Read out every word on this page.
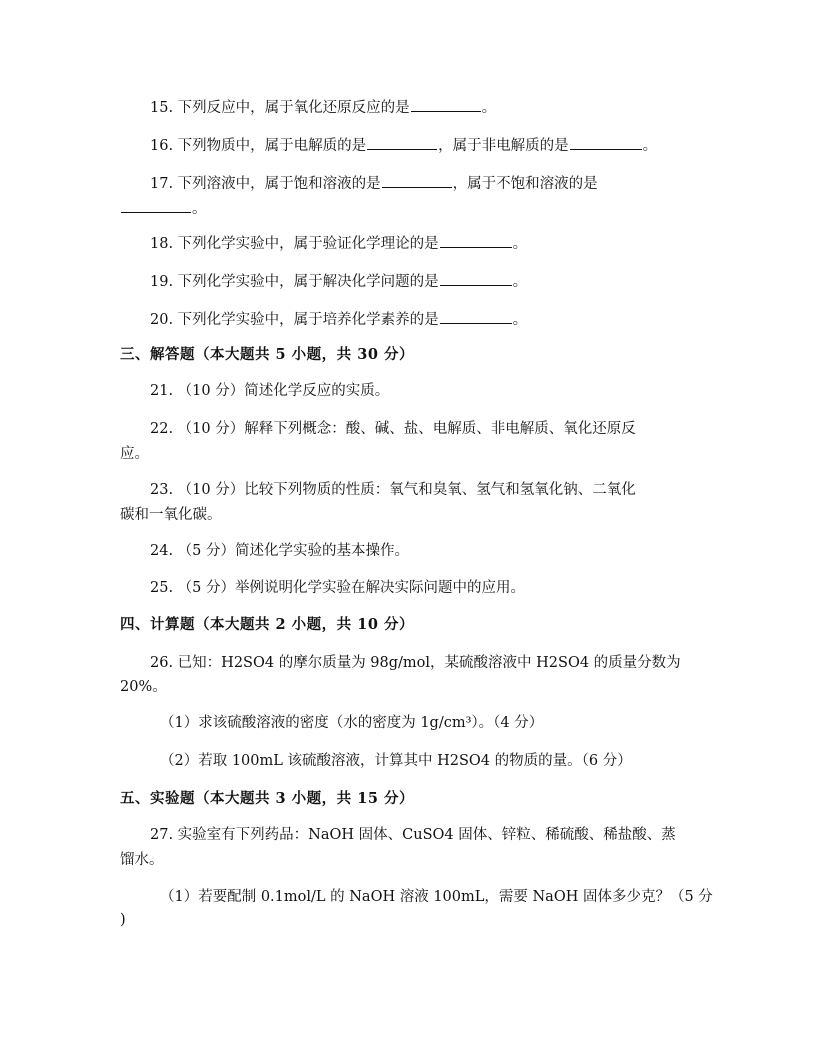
15. 下列反应中，属于氧化还原反应的是	。
16. 下列物质中，属于电解质的是	，属于非电解质的是	。
17. 下列溶液中，属于饱和溶液的是	，属于不饱和溶液的是
。
18. 下列化学实验中，属于验证化学理论的是	。
19. 下列化学实验中，属于解决化学问题的是	。
20. 下列化学实验中，属于培养化学素养的是	。
三、解答题（本大题共 5 小题，共 30 分）
21. （10 分）简述化学反应的实质。
22. （10 分）解释下列概念：酸、碱、盐、电解质、非电解质、氧化还原反
应。
23. （10 分）比较下列物质的性质：氧气和臭氧、氢气和氢氧化钠、二氧化
碳和一氧化碳。
24. （5 分）简述化学实验的基本操作。
25. （5 分）举例说明化学实验在解决实际问题中的应用。
四、计算题（本大题共 2 小题，共 10 分）
26. 已知：H2SO4 的摩尔质量为 98g/mol，某硫酸溶液中 H2SO4 的质量分数为
20%。
（1）求该硫酸溶液的密度（水的密度为 1g/cm³）。（4 分）
（2）若取 100mL 该硫酸溶液，计算其中 H2SO4 的物质的量。（6 分）
五、实验题（本大题共 3 小题，共 15 分）
27. 实验室有下列药品：NaOH 固体、CuSO4 固体、锌粒、稀硫酸、稀盐酸、蒸
馏水。
（1）若要配制 0.1mol/L 的 NaOH 溶液 100mL，需要 NaOH 固体多少克？（5 分
)
